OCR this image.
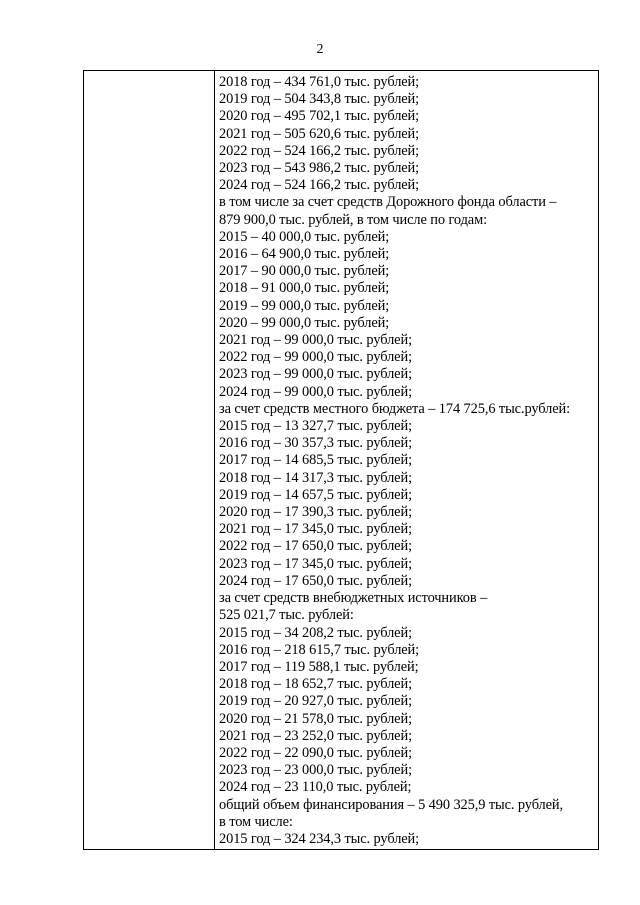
2
2018 год – 434 761,0 тыс. рублей;
2019 год – 504 343,8 тыс. рублей;
2020 год – 495 702,1 тыс. рублей;
2021 год – 505 620,6 тыс. рублей;
2022 год – 524 166,2 тыс. рублей;
2023 год – 543 986,2 тыс. рублей;
2024 год – 524 166,2 тыс. рублей;
в том числе за счет средств Дорожного фонда области –
879 900,0 тыс. рублей, в том числе по годам:
2015 – 40 000,0 тыс. рублей;
2016 – 64 900,0 тыс. рублей;
2017 – 90 000,0 тыс. рублей;
2018 – 91 000,0 тыс. рублей;
2019 – 99 000,0 тыс. рублей;
2020 – 99 000,0 тыс. рублей;
2021 год – 99 000,0 тыс. рублей;
2022 год – 99 000,0 тыс. рублей;
2023 год – 99 000,0 тыс. рублей;
2024 год – 99 000,0 тыс. рублей;
за счет средств местного бюджета – 174 725,6 тыс.рублей:
2015 год – 13 327,7 тыс. рублей;
2016 год – 30 357,3 тыс. рублей;
2017 год – 14 685,5 тыс. рублей;
2018 год – 14 317,3 тыс. рублей;
2019 год – 14 657,5 тыс. рублей;
2020 год – 17 390,3 тыс. рублей;
2021 год – 17 345,0 тыс. рублей;
2022 год – 17 650,0 тыс. рублей;
2023 год – 17 345,0 тыс. рублей;
2024 год – 17 650,0 тыс. рублей;
за счет средств внебюджетных источников –
525 021,7 тыс. рублей:
2015 год – 34 208,2 тыс. рублей;
2016 год – 218 615,7 тыс. рублей;
2017 год – 119 588,1 тыс. рублей;
2018 год – 18 652,7 тыс. рублей;
2019 год – 20 927,0 тыс. рублей;
2020 год – 21 578,0 тыс. рублей;
2021 год – 23 252,0 тыс. рублей;
2022 год – 22 090,0 тыс. рублей;
2023 год – 23 000,0 тыс. рублей;
2024 год – 23 110,0 тыс. рублей;
общий объем финансирования – 5 490 325,9 тыс. рублей,
в том числе:
2015 год – 324 234,3 тыс. рублей;
